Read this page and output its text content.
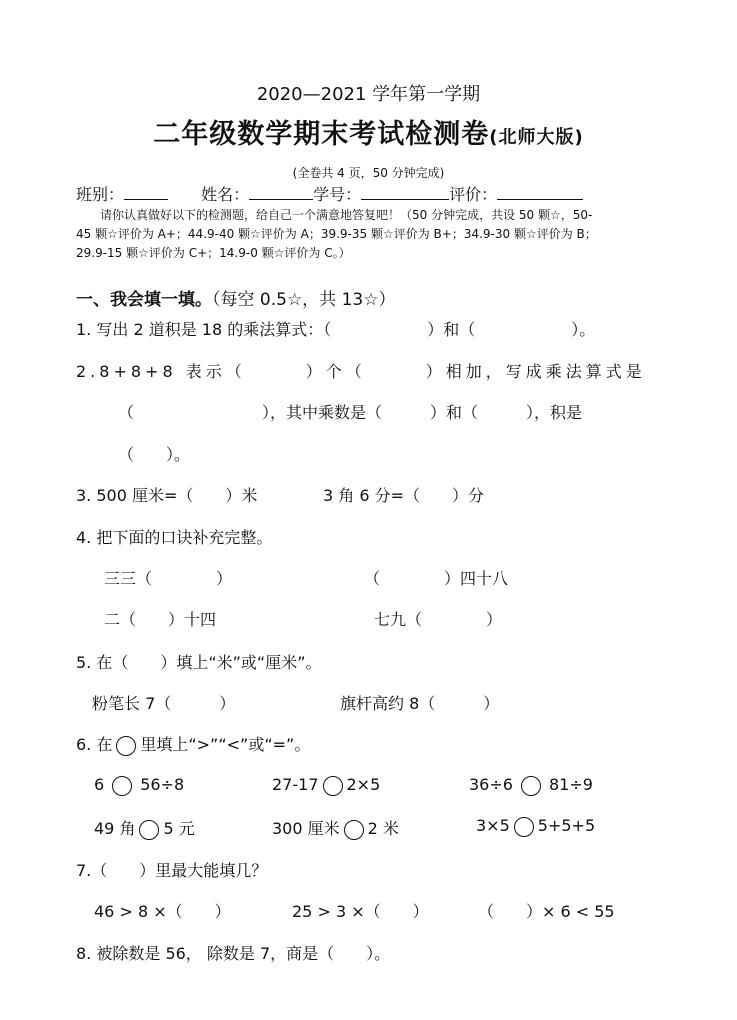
2020—2021 学年第一学期
二年级数学期末考试检测卷(北师大版)
(全卷共 4 页，50 分钟完成)
班别：	姓名：	学号：	评价：
请你认真做好以下的检测题，给自己一个满意地答复吧！（50 分钟完成，共设 50 颗☆，50-
45 颗☆评价为 A+；44.9-40 颗☆评价为 A；39.9-35 颗☆评价为 B+；34.9-30 颗☆评价为 B；
29.9-15 颗☆评价为 C+；14.9-0 颗☆评价为 C。）
一、我会填一填。（每空 0.5☆，共 13☆）
1. 写出 2 道积是 18 的乘法算式：（　　　　　　）和（　　　　　　）。
2.8+8+8 表示（　　　）个（　　　）相加，写成乘法算式是
（　　　　　　　　），其中乘数是（　　　）和（　　　），积是
（　　）。
3. 500 厘米=（　　）米	3 角 6 分=（　　）分
4. 把下面的口诀补充完整。
三三（　　　　）	（　　　　）四十八
二（　　）十四	七九（　　　　）
5. 在（　　）填上“米”或“厘米”。
粉笔长 7（　　　）	旗杆高约 8（　　　）
6. 在 里填上“>”“<”或“=”。
6 56÷8	27-17 2×5	36÷6 81÷9
49 角 5 元	300 厘米 2 米	3×5 5+5+5
7.（　　）里最大能填几？
46 > 8 ×（　　）	25 > 3 ×（　　）	（　　）× 6 < 55
8. 被除数是 56， 除数是 7，商是（　　）。
